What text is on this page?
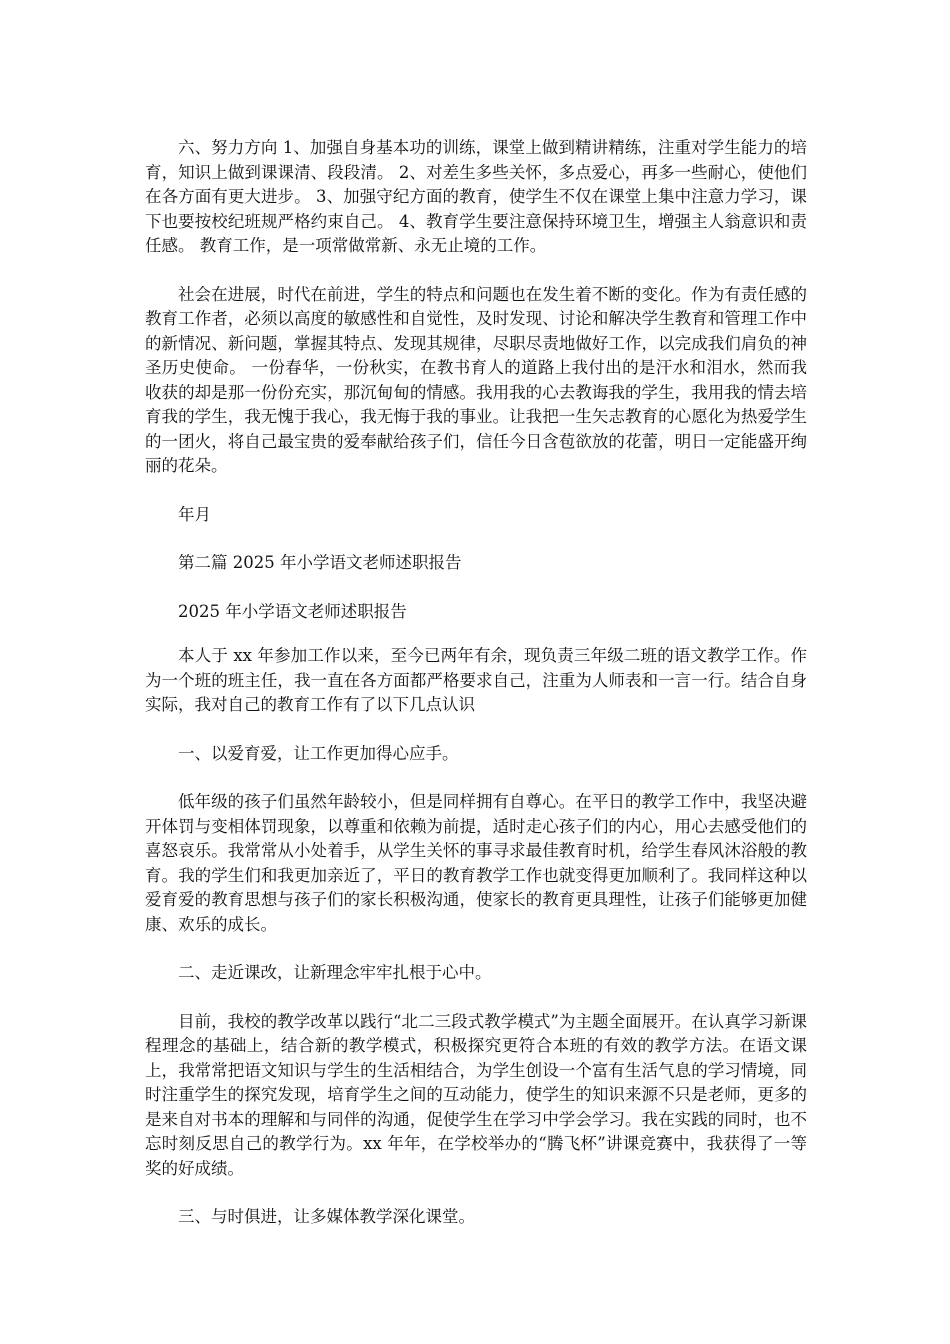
六、努力方向 1、加强自身基本功的训练，课堂上做到精讲精练，注重对学生能力的培育，知识上做到课课清、段段清。 2、对差生多些关怀，多点爱心，再多一些耐心，使他们在各方面有更大进步。 3、加强守纪方面的教育，使学生不仅在课堂上集中注意力学习，课下也要按校纪班规严格约束自己。 4、教育学生要注意保持环境卫生，增强主人翁意识和责任感。 教育工作，是一项常做常新、永无止境的工作。

社会在进展，时代在前进，学生的特点和问题也在发生着不断的变化。作为有责任感的教育工作者，必须以高度的敏感性和自觉性，及时发现、讨论和解决学生教育和管理工作中的新情况、新问题，掌握其特点、发现其规律，尽职尽责地做好工作，以完成我们肩负的神圣历史使命。 一份春华，一份秋实，在教书育人的道路上我付出的是汗水和泪水，然而我收获的却是那一份份充实，那沉甸甸的情感。我用我的心去教诲我的学生，我用我的情去培育我的学生，我无愧于我心，我无悔于我的事业。让我把一生矢志教育的心愿化为热爱学生的一团火，将自己最宝贵的爱奉献给孩子们，信任今日含苞欲放的花蕾，明日一定能盛开绚丽的花朵。

年月

第二篇 2025 年小学语文老师述职报告

2025 年小学语文老师述职报告

本人于 xx 年参加工作以来，至今已两年有余，现负责三年级二班的语文教学工作。作为一个班的班主任，我一直在各方面都严格要求自己，注重为人师表和一言一行。结合自身实际，我对自己的教育工作有了以下几点认识

一、以爱育爱，让工作更加得心应手。

低年级的孩子们虽然年龄较小，但是同样拥有自尊心。在平日的教学工作中，我坚决避开体罚与变相体罚现象，以尊重和依赖为前提，适时走心孩子们的内心，用心去感受他们的喜怒哀乐。我常常从小处着手，从学生关怀的事寻求最佳教育时机，给学生春风沐浴般的教育。我的学生们和我更加亲近了，平日的教育教学工作也就变得更加顺利了。我同样这种以爱育爱的教育思想与孩子们的家长积极沟通，使家长的教育更具理性，让孩子们能够更加健康、欢乐的成长。

二、走近课改，让新理念牢牢扎根于心中。

目前，我校的教学改革以践行“北二三段式教学模式”为主题全面展开。在认真学习新课程理念的基础上，结合新的教学模式，积极探究更符合本班的有效的教学方法。在语文课上，我常常把语文知识与学生的生活相结合，为学生创设一个富有生活气息的学习情境，同时注重学生的探究发现，培育学生之间的互动能力，使学生的知识来源不只是老师，更多的是来自对书本的理解和与同伴的沟通，促使学生在学习中学会学习。我在实践的同时，也不忘时刻反思自己的教学行为。xx 年年，在学校举办的“腾飞杯”讲课竞赛中，我获得了一等奖的好成绩。

三、与时俱进，让多媒体教学深化课堂。
